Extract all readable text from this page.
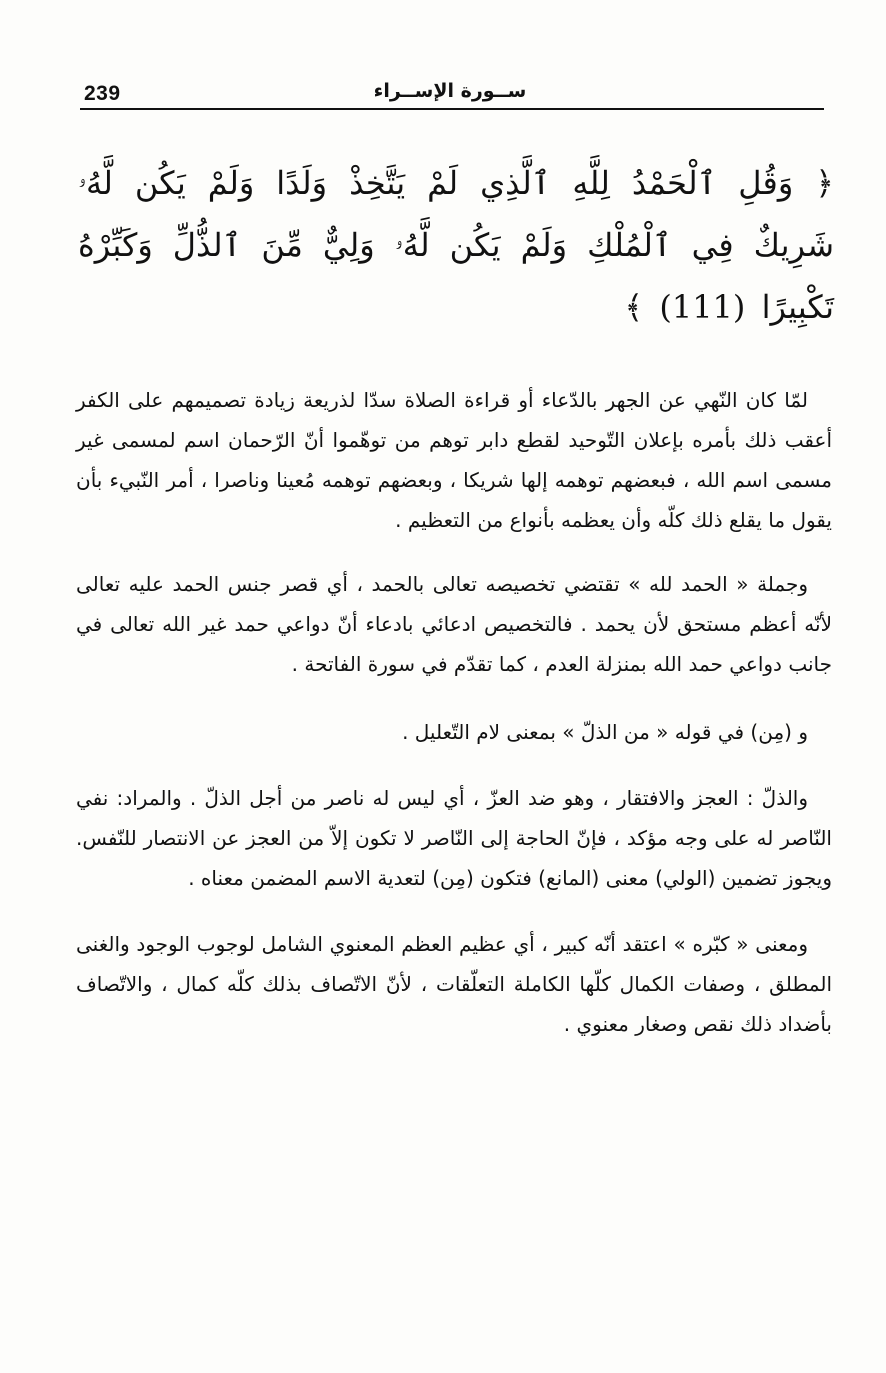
239	ســورة الإســراء
﴿ وَقُلِ ٱلْحَمْدُ لِلَّهِ ٱلَّذِي لَمْ يَتَّخِذْ وَلَدًا وَلَمْ يَكُن لَّهُۥ شَرِيكٌ فِي ٱلْمُلْكِ وَلَمْ يَكُن لَّهُۥ وَلِيٌّ مِّنَ ٱلذُّلِّ وَكَبِّرْهُ تَكْبِيرًا (111) ﴾

لمّا كان النّهي عن الجهر بالدّعاء أو قراءة الصلاة سدّا لذريعة زيادة تصميمهم على الكفر أعقب ذلك بأمره بإعلان التّوحيد لقطع دابر توهم من توهّموا أنّ الرّحمان اسم لمسمى غير مسمى اسم الله ، فبعضهم توهمه إلها شريكا ، وبعضهم توهمه مُعينا وناصرا ، أمر النّبيء بأن يقول ما يقلع ذلك كلّه وأن يعظمه بأنواع من التعظيم .

وجملة « الحمد لله » تقتضي تخصيصه تعالى بالحمد ، أي قصر جنس الحمد عليه تعالى لأنّه أعظم مستحق لأن يحمد . فالتخصيص ادعائي بادعاء أنّ دواعي حمد غير الله تعالى في جانب دواعي حمد الله بمنزلة العدم ، كما تقدّم في سورة الفاتحة .

و (مِن) في قوله « من الذلّ » بمعنى لام التّعليل .

والذلّ : العجز والافتقار ، وهو ضد العزّ ، أي ليس له ناصر من أجل الذلّ . والمراد: نفي النّاصر له على وجه مؤكد ، فإنّ الحاجة إلى النّاصر لا تكون إلاّ من العجز عن الانتصار للنّفس. ويجوز تضمين (الولي) معنى (المانع) فتكون (مِن) لتعدية الاسم المضمن معناه .

ومعنى « كبّره » اعتقد أنّه كبير ، أي عظيم العظم المعنوي الشامل لوجوب الوجود والغنى المطلق ، وصفات الكمال كلّها الكاملة التعلّقات ، لأنّ الاتّصاف بذلك كلّه كمال ، والاتّصاف بأضداد ذلك نقص وصغار معنوي .
